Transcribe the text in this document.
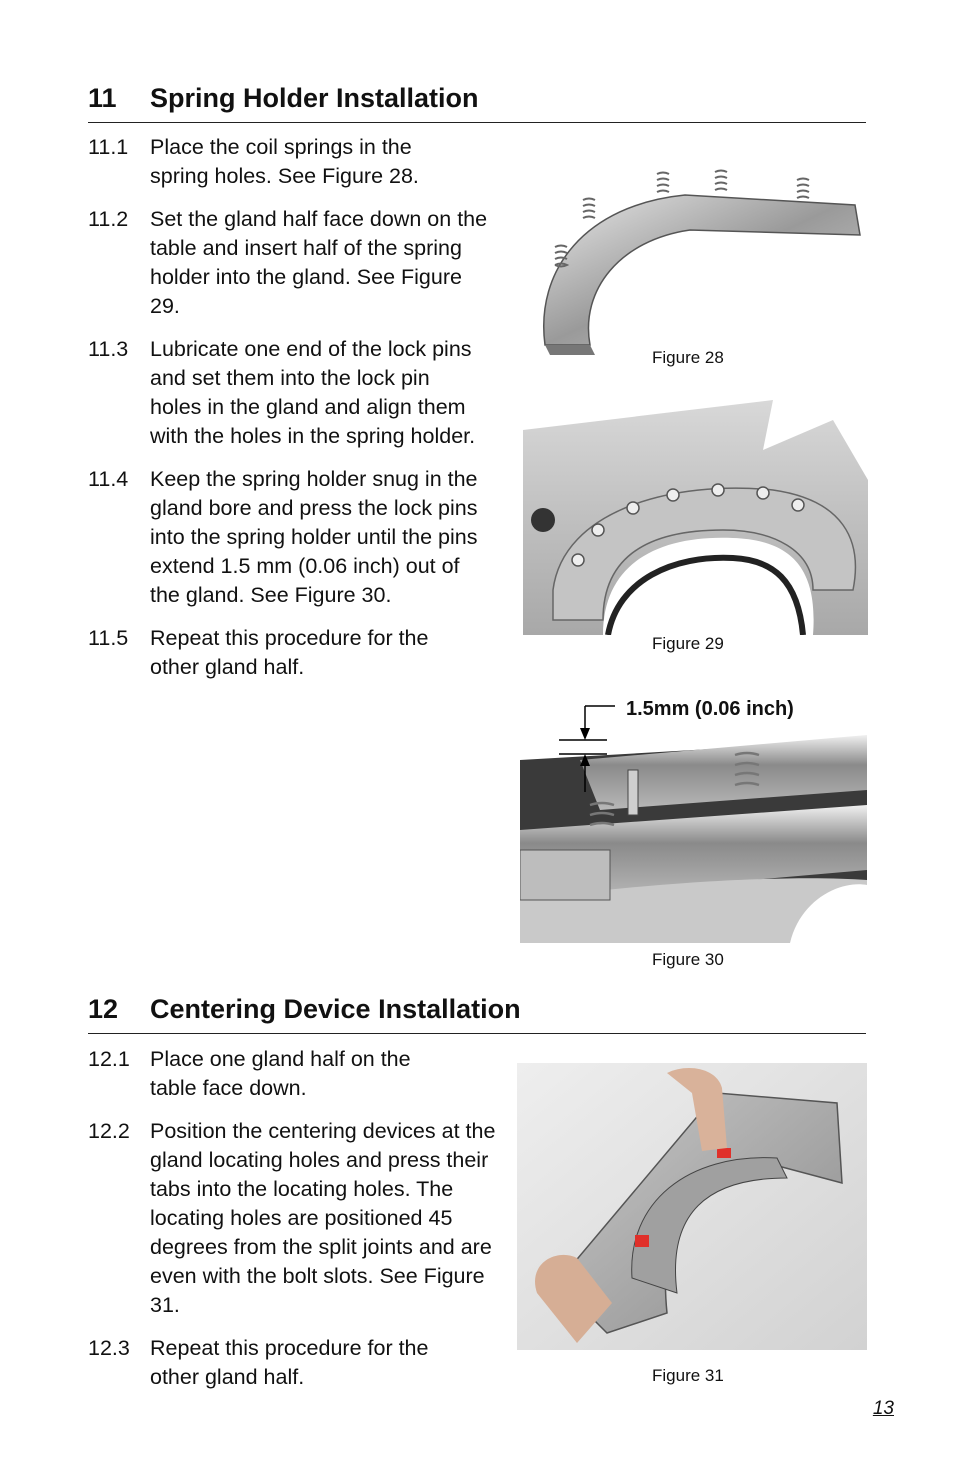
11 Spring Holder Installation
11.1 Place the coil springs in the spring holes. See Figure 28.
11.2 Set the gland half face down on the table and insert half of the spring holder into the gland. See Figure 29.
11.3 Lubricate one end of the lock pins and set them into the lock pin holes in the gland and align them with the holes in the spring holder.
11.4 Keep the spring holder snug in the gland bore and press the lock pins into the spring holder until the pins extend 1.5 mm (0.06 inch) out of the gland. See Figure 30.
11.5 Repeat this procedure for the other gland half.
Figure 28
Figure 29
1.5mm (0.06 inch)
Figure 30
12 Centering Device Installation
12.1 Place one gland half on the table face down.
12.2 Position the centering devices at the gland locating holes and press their tabs into the locating holes. The locating holes are positioned 45 degrees from the split joints and are even with the bolt slots. See Figure 31.
12.3 Repeat this procedure for the other gland half.	Figure 31
13
